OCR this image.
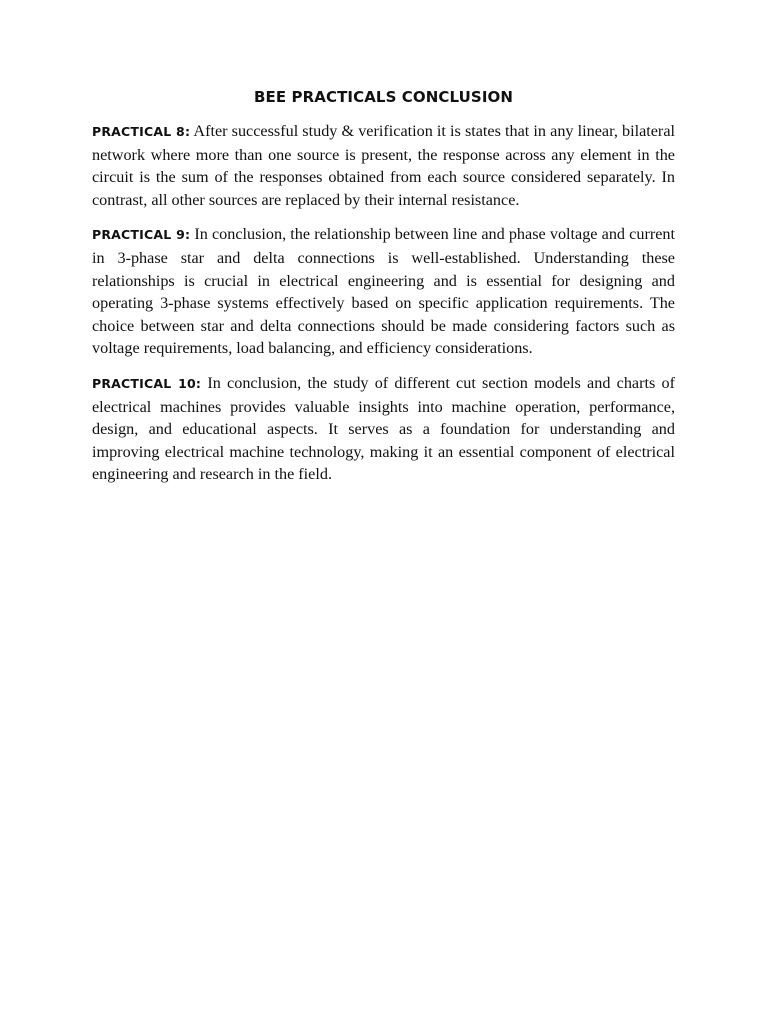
BEE PRACTICALS CONCLUSION

PRACTICAL 8: After successful study & verification it is states that in any linear, bilateral network where more than one source is present, the response across any element in the circuit is the sum of the responses obtained from each source considered separately. In contrast, all other sources are replaced by their internal resistance.

PRACTICAL 9: In conclusion, the relationship between line and phase voltage and current in 3-phase star and delta connections is well-established. Understanding these relationships is crucial in electrical engineering and is essential for designing and operating 3-phase systems effectively based on specific application requirements. The choice between star and delta connections should be made considering factors such as voltage requirements, load balancing, and efficiency considerations.

PRACTICAL 10: In conclusion, the study of different cut section models and charts of electrical machines provides valuable insights into machine operation, performance, design, and educational aspects. It serves as a foundation for understanding and improving electrical machine technology, making it an essential component of electrical engineering and research in the field.
